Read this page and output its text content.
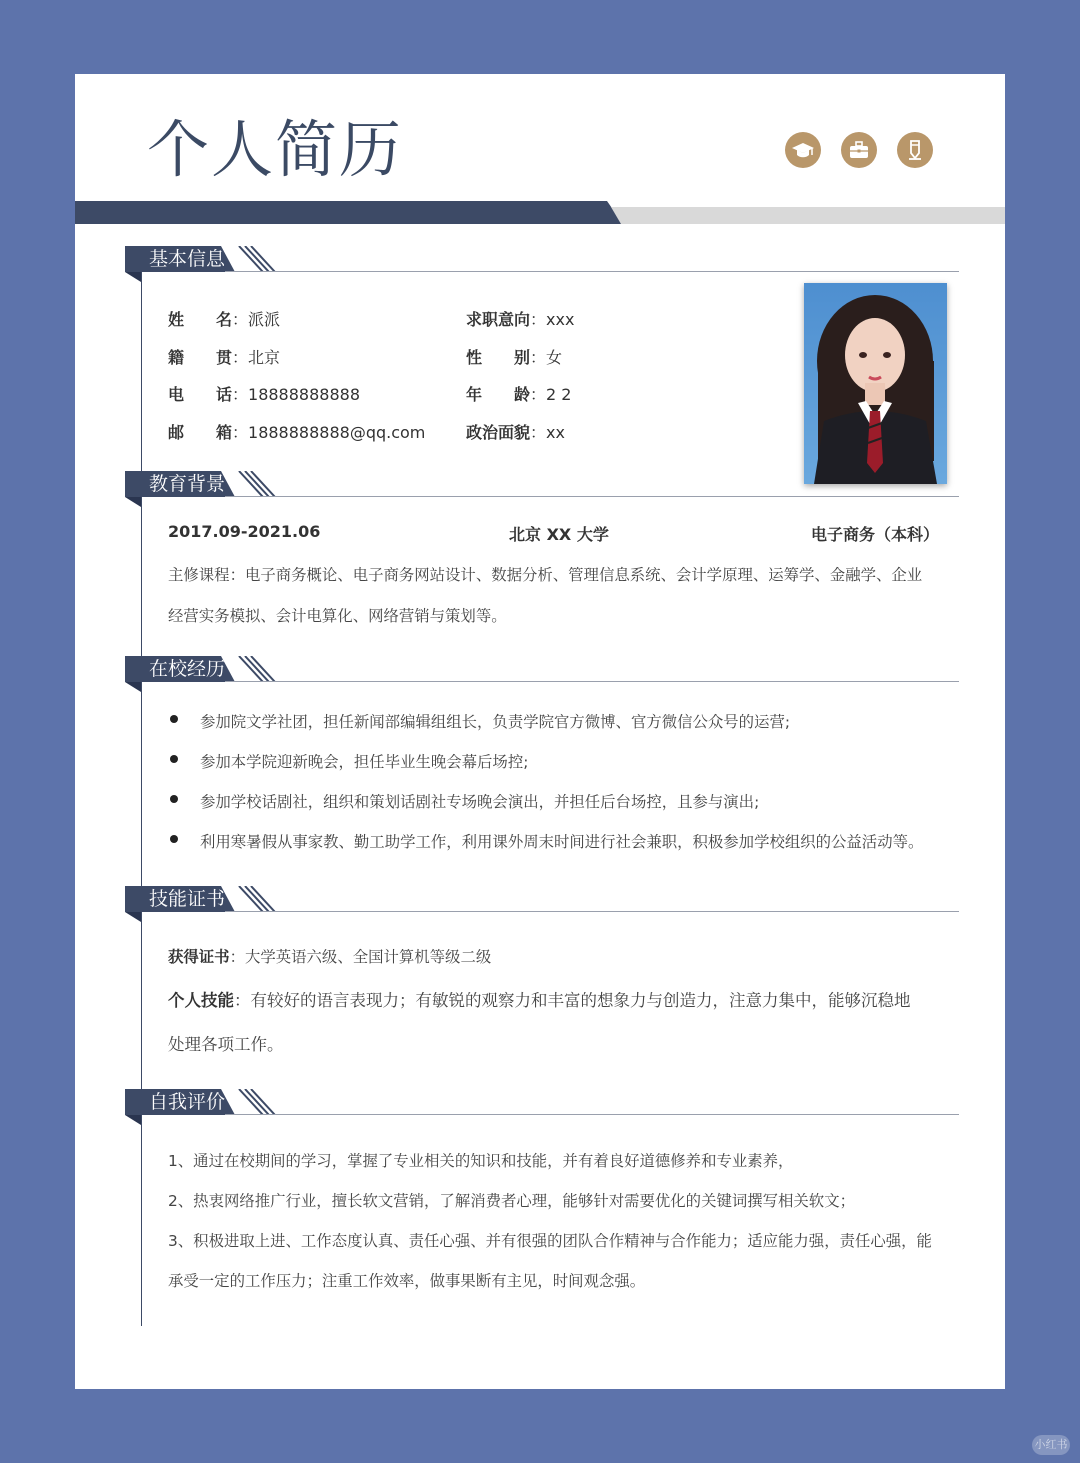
个人简历
基本信息
姓 名 ：派派
籍 贯 ：北京
电 话 ：18888888888
邮 箱 ：1888888888@qq.com
求职意向：xxx
性 别 ：女
年 龄 ：2 2
政治面貌：xx
教育背景
2017.09-2021.06	北京 XX 大学	电子商务（本科）
主修课程：电子商务概论、电子商务网站设计、数据分析、管理信息系统、会计学原理、运筹学、金融学、企业
经营实务模拟、会计电算化、网络营销与策划等。
在校经历
参加院文学社团，担任新闻部编辑组组长，负责学院官方微博、官方微信公众号的运营;
参加本学院迎新晚会，担任毕业生晚会幕后场控;
参加学校话剧社，组织和策划话剧社专场晚会演出，并担任后台场控，且参与演出;
利用寒暑假从事家教、勤工助学工作，利用课外周末时间进行社会兼职，积极参加学校组织的公益活动等。
技能证书
获得证书：大学英语六级、全国计算机等级二级
个人技能：有较好的语言表现力；有敏锐的观察力和丰富的想象力与创造力，注意力集中，能够沉稳地
处理各项工作。
自我评价
1、通过在校期间的学习，掌握了专业相关的知识和技能，并有着良好道德修养和专业素养，
2、热衷网络推广行业，擅长软文营销，了解消费者心理，能够针对需要优化的关键词撰写相关软文；
3、积极进取上进、工作态度认真、责任心强、并有很强的团队合作精神与合作能力；适应能力强，责任心强，能
承受一定的工作压力；注重工作效率，做事果断有主见，时间观念强。
小红书
